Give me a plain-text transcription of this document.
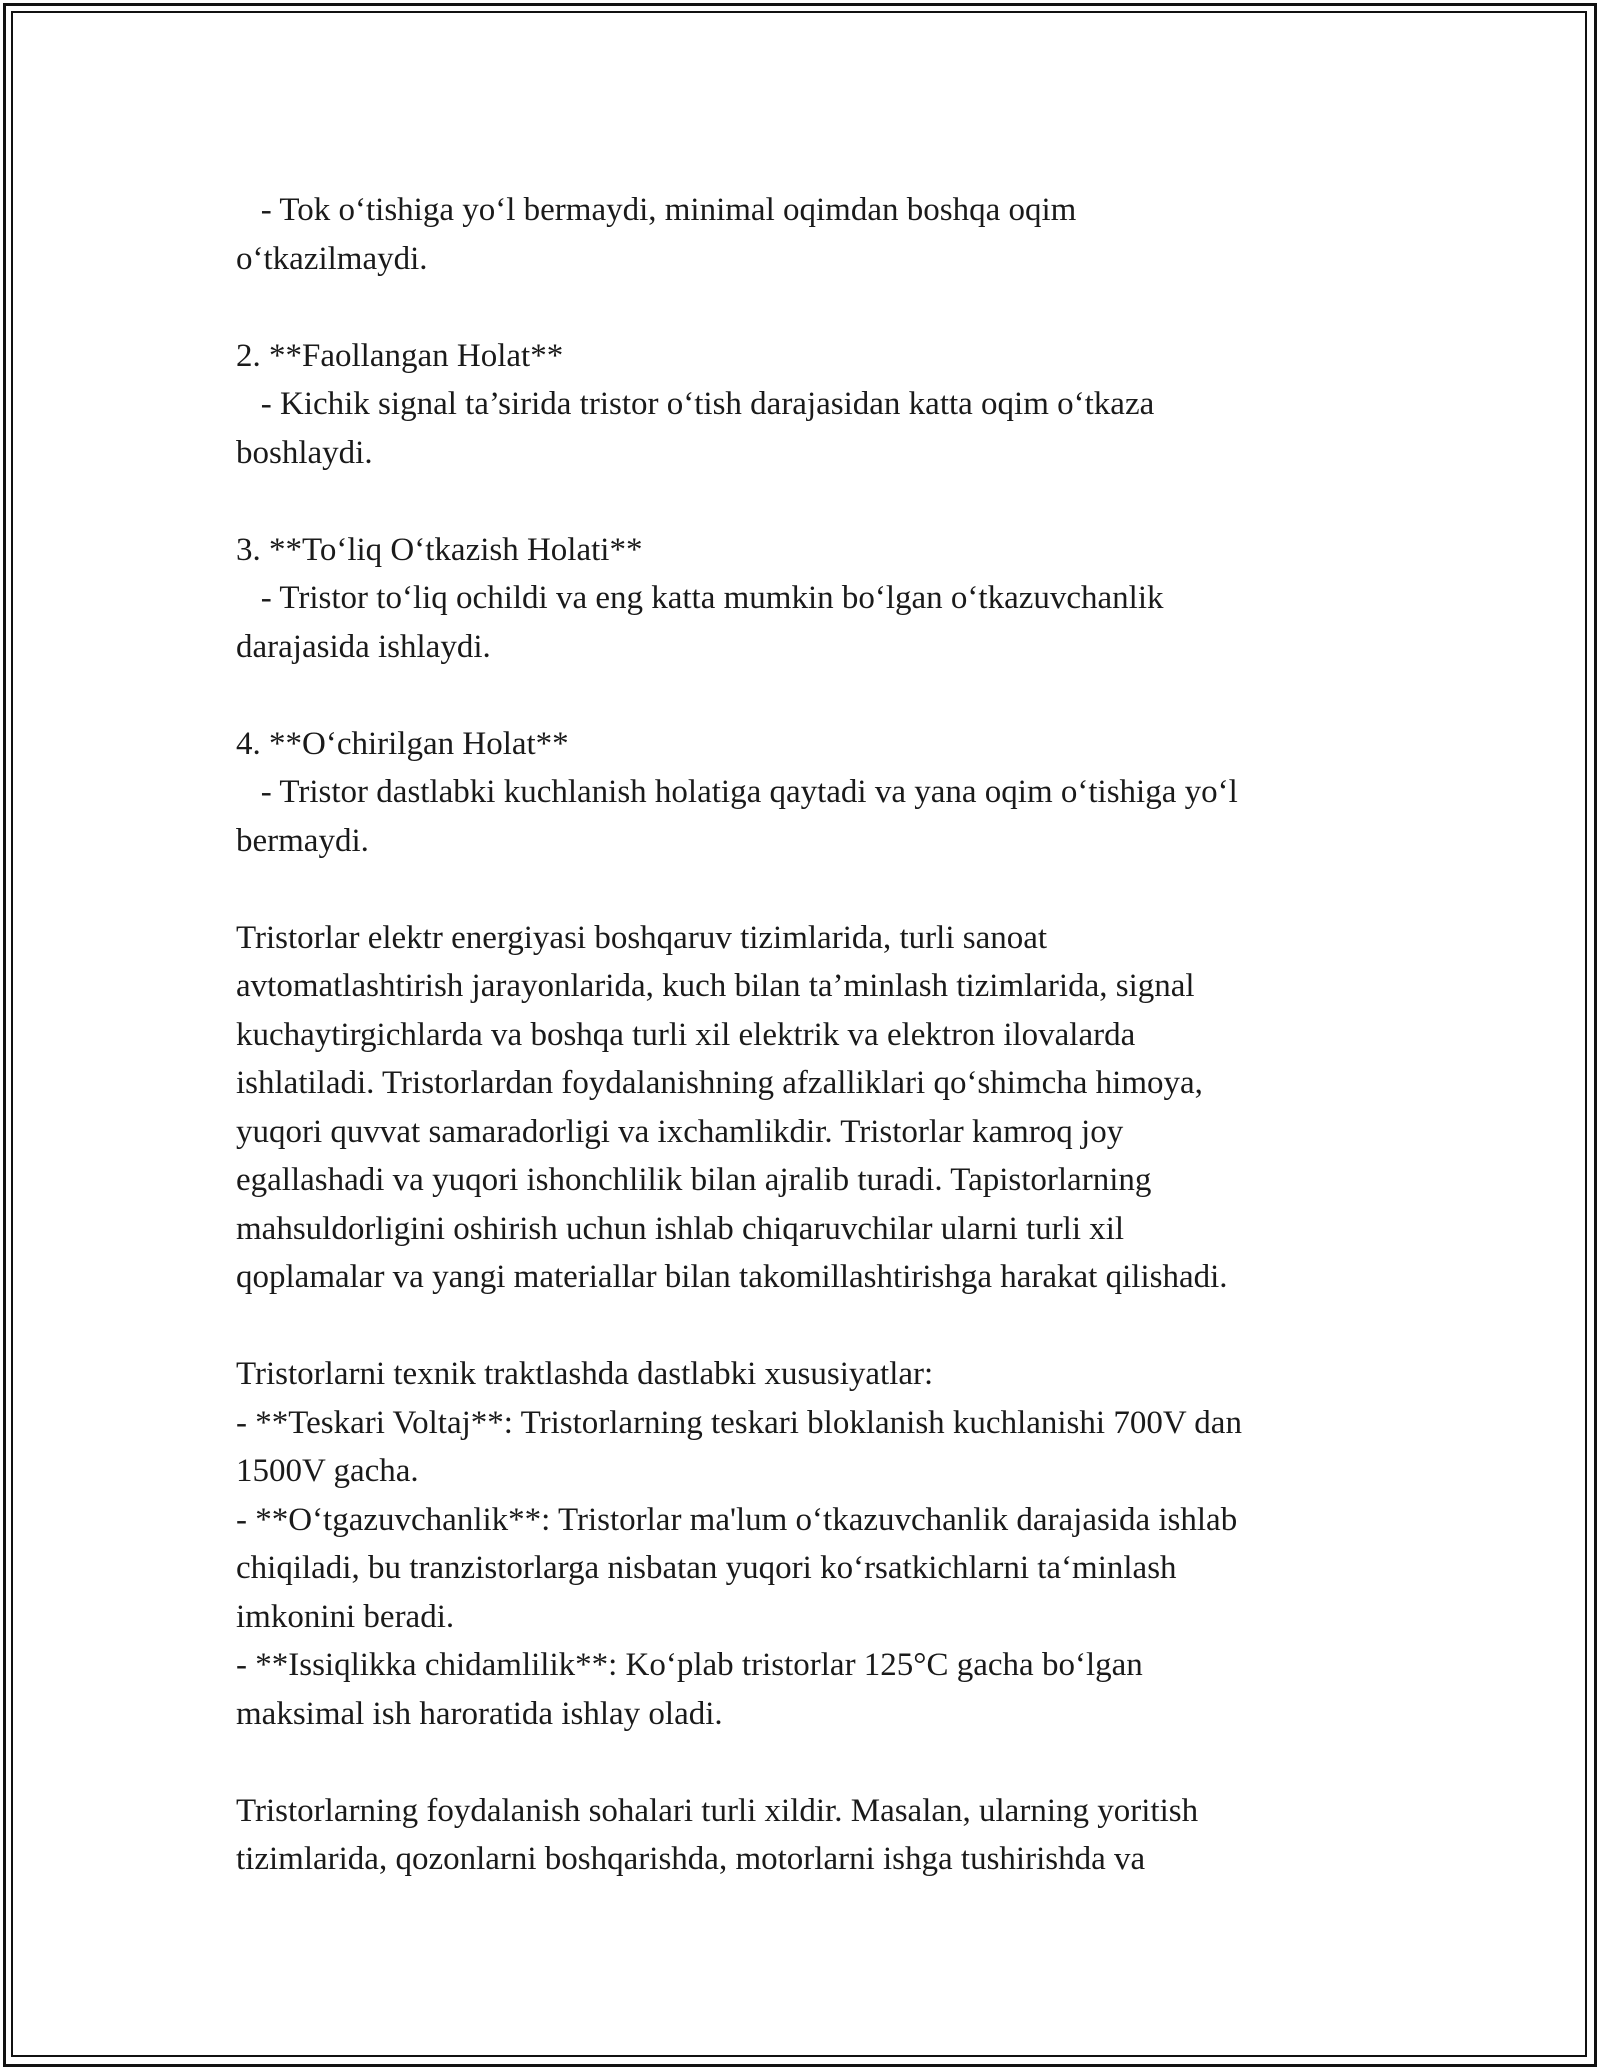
- Tok o‘tishiga yo‘l bermaydi, minimal oqimdan boshqa oqim
o‘tkazilmaydi.
2. **Faollangan Holat**
- Kichik signal ta’sirida tristor o‘tish darajasidan katta oqim o‘tkaza
boshlaydi.
3. **To‘liq O‘tkazish Holati**
- Tristor to‘liq ochildi va eng katta mumkin bo‘lgan o‘tkazuvchanlik
darajasida ishlaydi.
4. **O‘chirilgan Holat**
- Tristor dastlabki kuchlanish holatiga qaytadi va yana oqim o‘tishiga yo‘l
bermaydi.
Tristorlar elektr energiyasi boshqaruv tizimlarida, turli sanoat
avtomatlashtirish jarayonlarida, kuch bilan ta’minlash tizimlarida, signal
kuchaytirgichlarda va boshqa turli xil elektrik va elektron ilovalarda
ishlatiladi. Tristorlardan foydalanishning afzalliklari qo‘shimcha himoya,
yuqori quvvat samaradorligi va ixchamlikdir. Tristorlar kamroq joy
egallashadi va yuqori ishonchlilik bilan ajralib turadi. Tapistorlarning
mahsuldorligini oshirish uchun ishlab chiqaruvchilar ularni turli xil
qoplamalar va yangi materiallar bilan takomillashtirishga harakat qilishadi.
Tristorlarni texnik traktlashda dastlabki xususiyatlar:
- **Teskari Voltaj**: Tristorlarning teskari bloklanish kuchlanishi 700V dan
1500V gacha.
- **O‘tgazuvchanlik**: Tristorlar ma'lum o‘tkazuvchanlik darajasida ishlab
chiqiladi, bu tranzistorlarga nisbatan yuqori ko‘rsatkichlarni ta‘minlash
imkonini beradi.
- **Issiqlikka chidamlilik**: Ko‘plab tristorlar 125°C gacha bo‘lgan
maksimal ish haroratida ishlay oladi.
Tristorlarning foydalanish sohalari turli xildir. Masalan, ularning yoritish
tizimlarida, qozonlarni boshqarishda, motorlarni ishga tushirishda va
